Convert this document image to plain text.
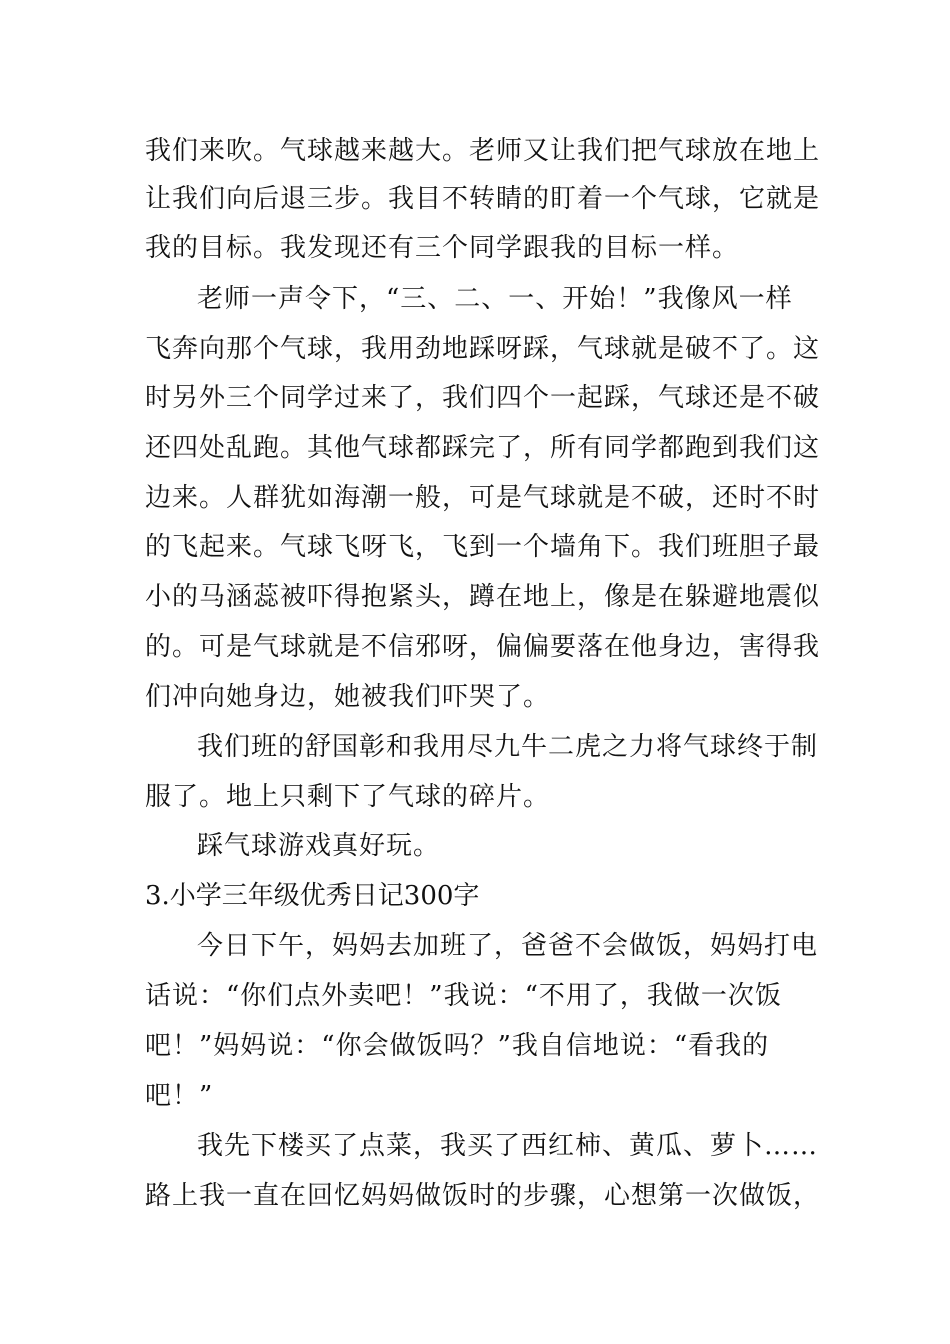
我们来吹。气球越来越大。老师又让我们把气球放在地上
让我们向后退三步。我目不转睛的盯着一个气球，它就是
我的目标。我发现还有三个同学跟我的目标一样。
老师一声令下，“三、二、一、开始！”我像风一样
飞奔向那个气球，我用劲地踩呀踩，气球就是破不了。这
时另外三个同学过来了，我们四个一起踩，气球还是不破
还四处乱跑。其他气球都踩完了，所有同学都跑到我们这
边来。人群犹如海潮一般，可是气球就是不破，还时不时
的飞起来。气球飞呀飞，飞到一个墙角下。我们班胆子最
小的马涵蕊被吓得抱紧头，蹲在地上，像是在躲避地震似
的。可是气球就是不信邪呀，偏偏要落在他身边，害得我
们冲向她身边，她被我们吓哭了。
我们班的舒国彰和我用尽九牛二虎之力将气球终于制
服了。地上只剩下了气球的碎片。
踩气球游戏真好玩。
3.小学三年级优秀日记300字
今日下午，妈妈去加班了，爸爸不会做饭，妈妈打电
话说：“你们点外卖吧！”我说：“不用了，我做一次饭
吧！”妈妈说：“你会做饭吗？”我自信地说：“看我的
吧！”
我先下楼买了点菜，我买了西红柿、黄瓜、萝卜……
路上我一直在回忆妈妈做饭时的步骤，心想第一次做饭，
